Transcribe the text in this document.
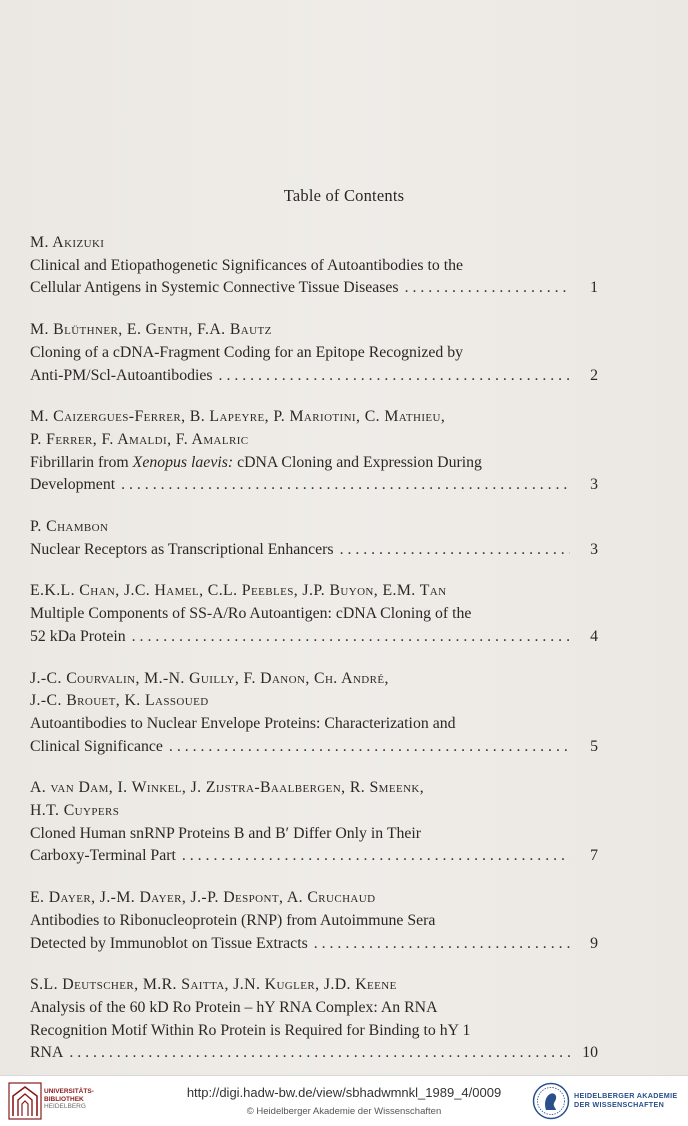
Table of Contents
M. Akizuki
Clinical and Etiopathogenetic Significances of Autoantibodies to the
Cellular Antigens in Systemic Connective Tissue Diseases . . .	1
M. Blüthner, E. Genth, F.A. Bautz
Cloning of a cDNA-Fragment Coding for an Epitope Recognized by
Anti-PM/Scl-Autoantibodies . . .	2
M. Caizergues-Ferrer, B. Lapeyre, P. Mariotini, C. Mathieu,
P. Ferrer, F. Amaldi, F. Amalric
Fibrillarin from Xenopus laevis: cDNA Cloning and Expression During
Development . . .	3
P. Chambon
Nuclear Receptors as Transcriptional Enhancers . . .	3
E.K.L. Chan, J.C. Hamel, C.L. Peebles, J.P. Buyon, E.M. Tan
Multiple Components of SS-A/Ro Autoantigen: cDNA Cloning of the
52 kDa Protein . . .	4
J.-C. Courvalin, M.-N. Guilly, F. Danon, Ch. André,
J.-C. Brouet, K. Lassoued
Autoantibodies to Nuclear Envelope Proteins: Characterization and
Clinical Significance . . .	5
A. van Dam, I. Winkel, J. Zijstra-Baalbergen, R. Smeenk,
H.T. Cuypers
Cloned Human snRNP Proteins B and B′ Differ Only in Their
Carboxy-Terminal Part . . .	7
E. Dayer, J.-M. Dayer, J.-P. Despont, A. Cruchaud
Antibodies to Ribonucleoprotein (RNP) from Autoimmune Sera
Detected by Immunoblot on Tissue Extracts . . .	9
S.L. Deutscher, M.R. Saitta, J.N. Kugler, J.D. Keene
Analysis of the 60 kD Ro Protein – hY RNA Complex: An RNA
Recognition Motif Within Ro Protein is Required for Binding to hY 1
RNA . . .	10
UNIVERSITÄTS-
BIBLIOTHEK
HEIDELBERG
http://digi.hadw-bw.de/view/sbhadwmnkl_1989_4/0009
© Heidelberger Akademie der Wissenschaften
HEIDELBERGER AKADEMIE
DER WISSENSCHAFTEN
